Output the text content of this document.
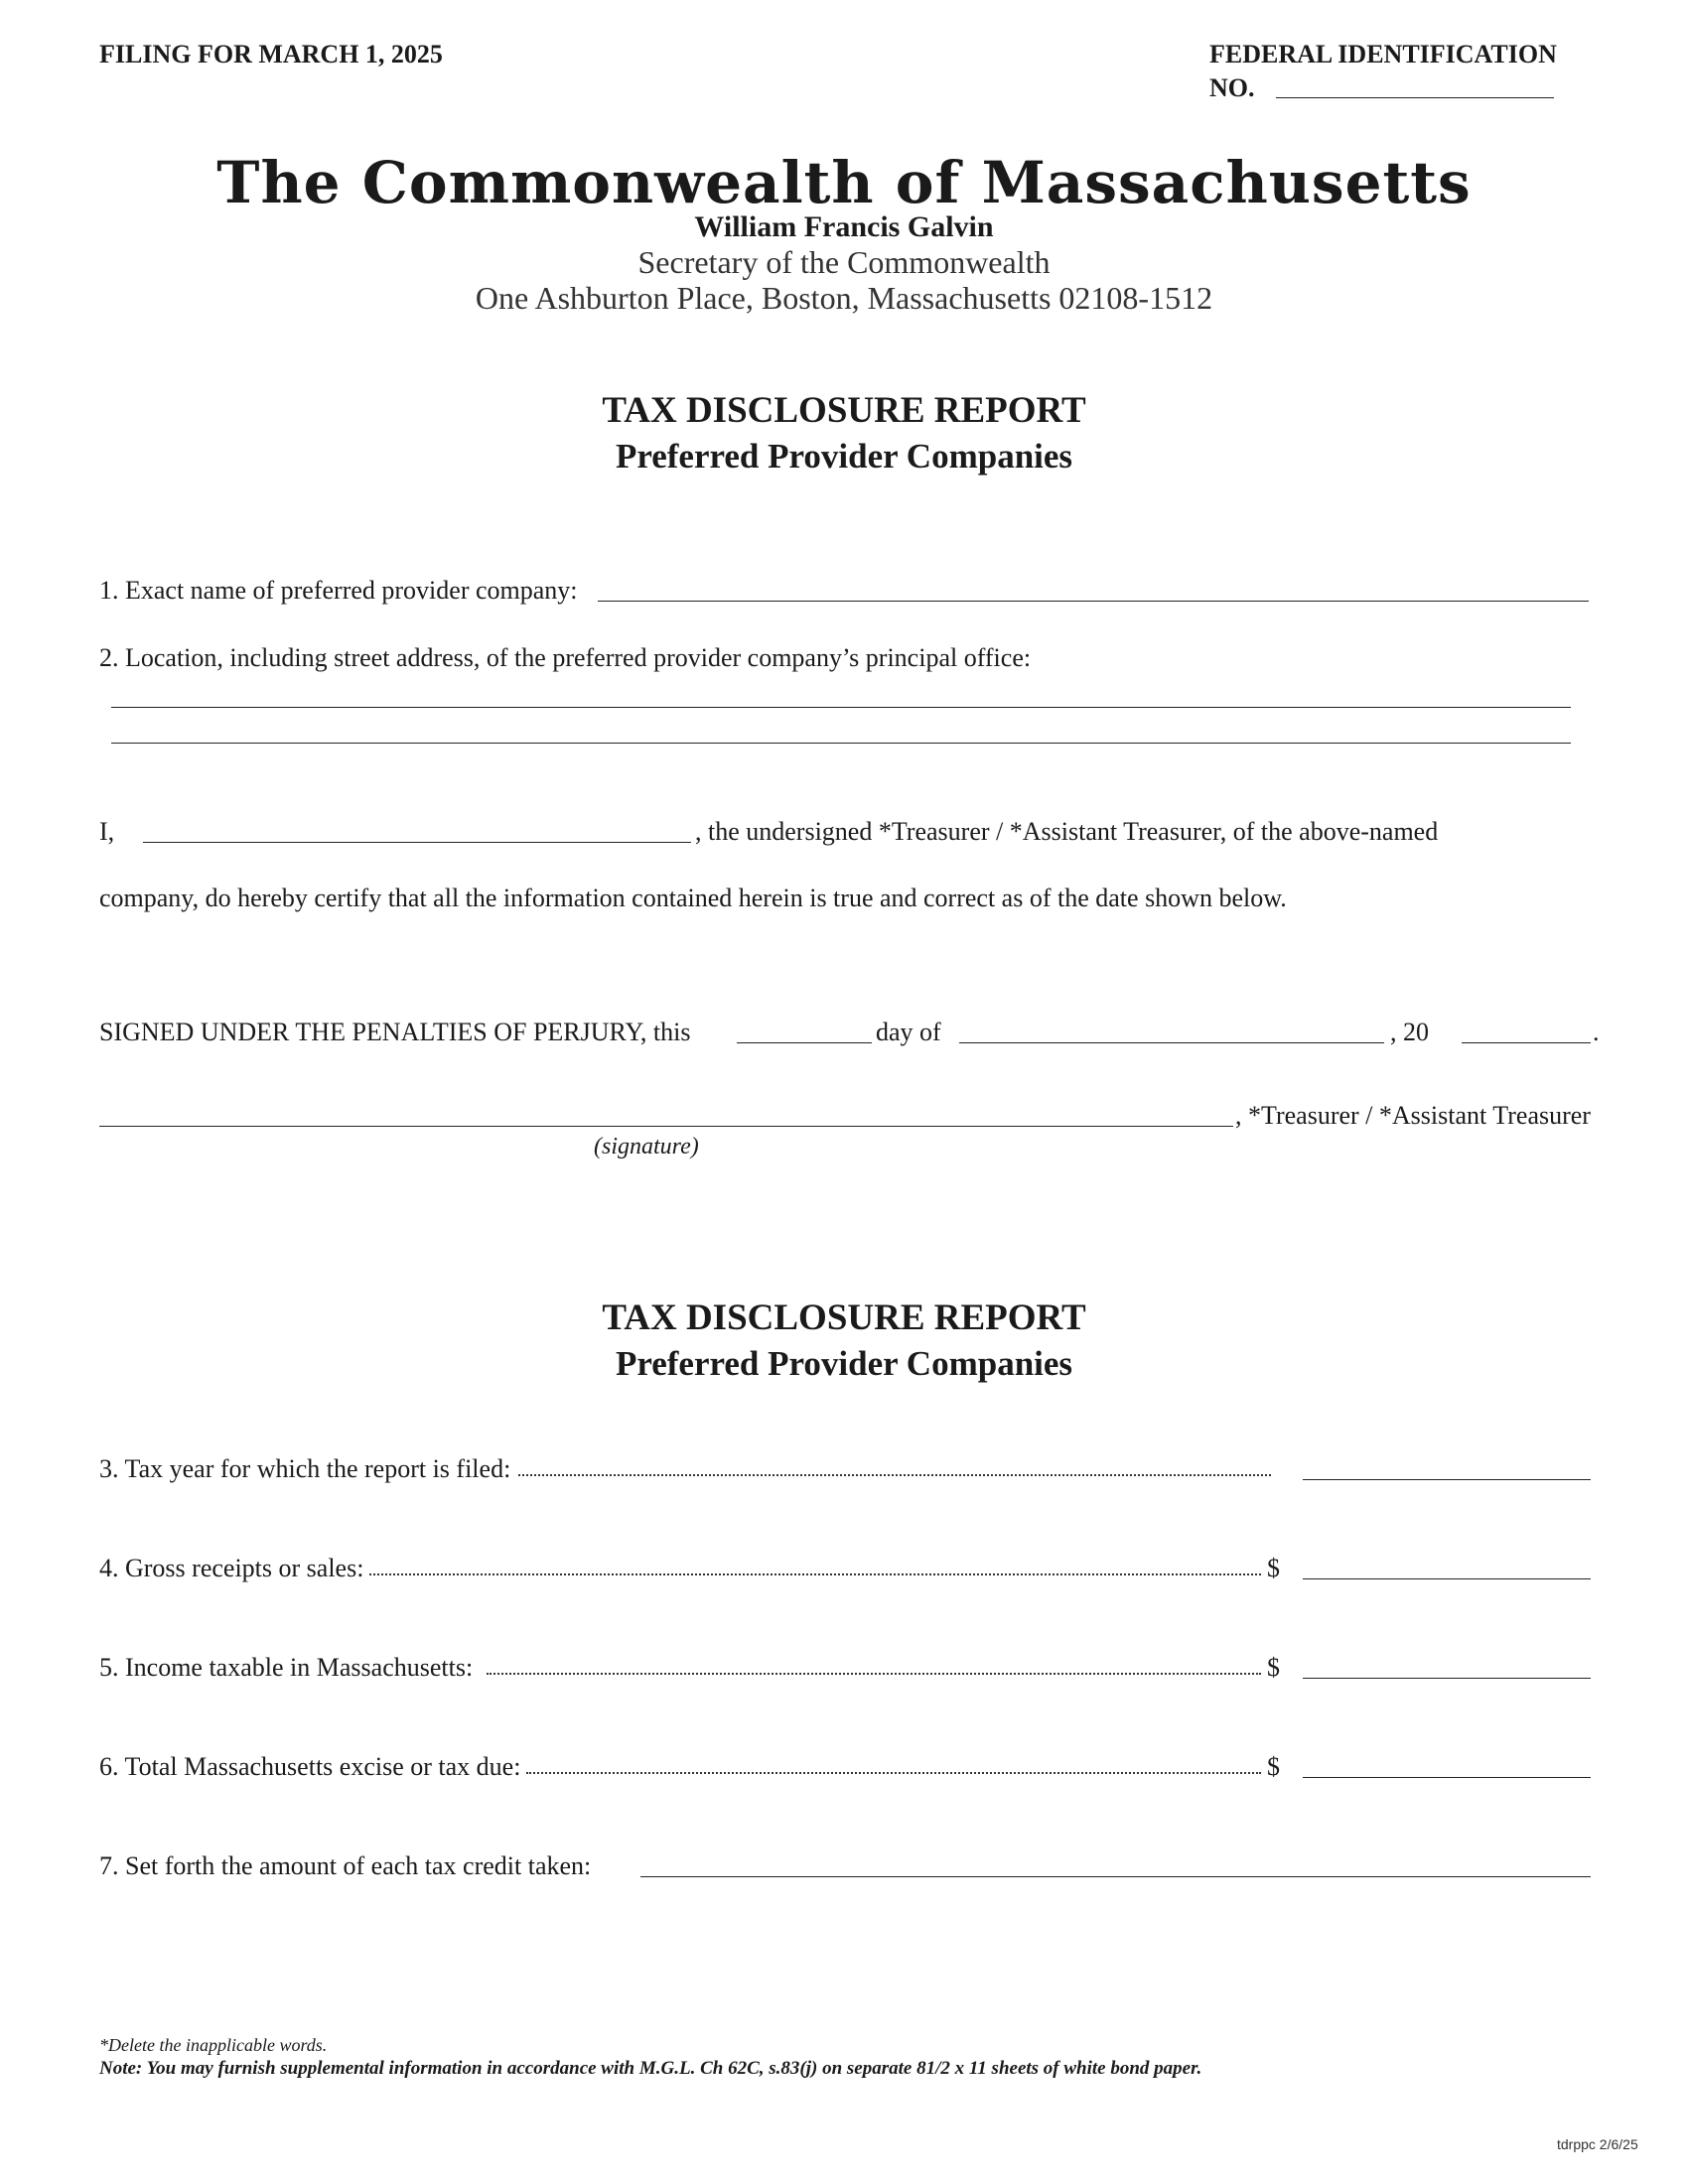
FILING FOR MARCH 1, 2025	FEDERAL IDENTIFICATION
NO.
The Commonwealth of Massachusetts
William Francis Galvin
Secretary of the Commonwealth
One Ashburton Place, Boston, Massachusetts 02108-1512
TAX DISCLOSURE REPORT
Preferred Provider Companies
1. Exact name of preferred provider company:
2. Location, including street address, of the preferred provider company’s principal office:
I,	, the undersigned *Treasurer / *Assistant Treasurer, of the above-named
company, do hereby certify that all the information contained herein is true and correct as of the date shown below.
SIGNED UNDER THE PENALTIES OF PERJURY, this	day of	, 20	.
, *Treasurer / *Assistant Treasurer
(signature)
TAX DISCLOSURE REPORT
Preferred Provider Companies
3. Tax year for which the report is filed:
4. Gross receipts or sales:	$
5. Income taxable in Massachusetts:	$
6. Total Massachusetts excise or tax due:	$
7. Set forth the amount of each tax credit taken:
*Delete the inapplicable words.
Note: You may furnish supplemental information in accordance with M.G.L. Ch 62C, s.83(j) on separate 81/2 x 11 sheets of white bond paper.
tdrppc 2/6/25
